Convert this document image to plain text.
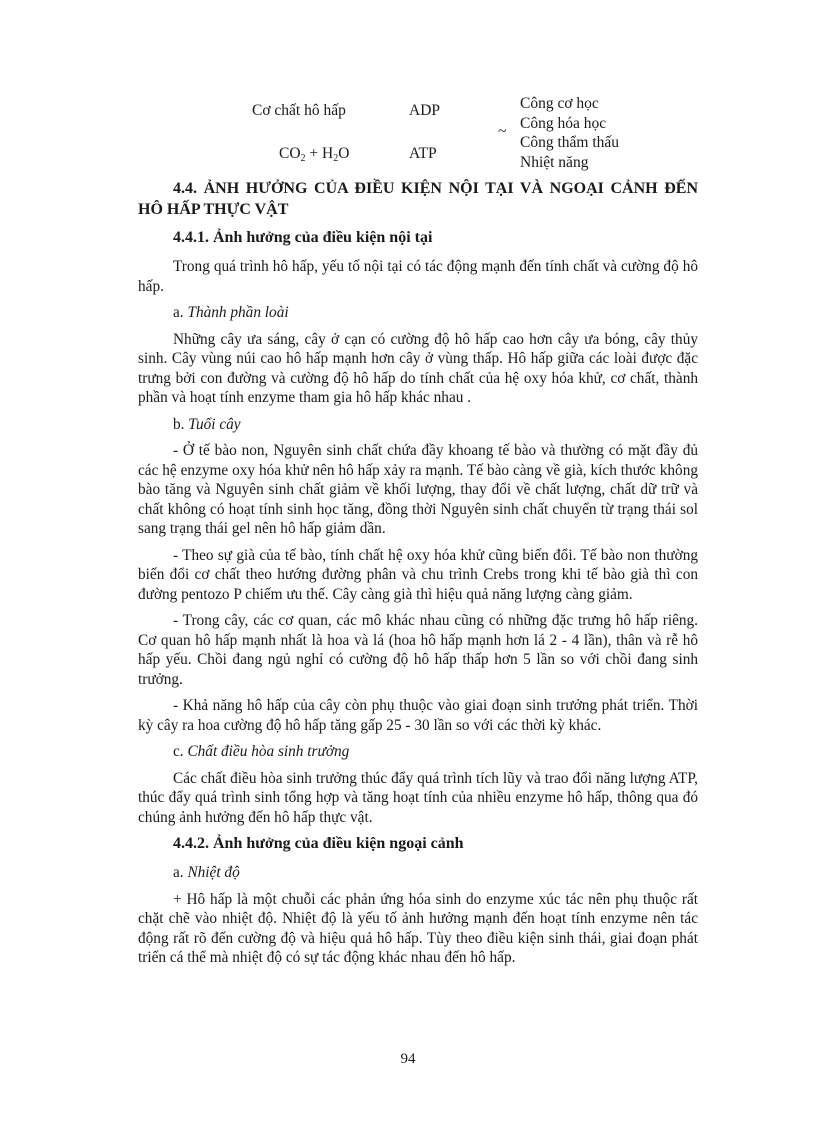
Cơ chất hô hấp
$CO_2 + H_2O$
ADP
ATP
~
Công cơ học
Công hóa học
Công thẩm thấu
Nhiệt năng
4.4. ẢNH HƯỞNG CỦA ĐIỀU KIỆN NỘI TẠI VÀ NGOẠI CẢNH ĐẾN HÔ HẤP THỰC VẬT
4.4.1. Ảnh hưởng của điều kiện nội tại

Trong quá trình hô hấp, yếu tố nội tại có tác động mạnh đến tính chất và cường độ hô hấp.

a. Thành phần loài

Những cây ưa sáng, cây ở cạn có cường độ hô hấp cao hơn cây ưa bóng, cây thủy sinh. Cây vùng núi cao hô hấp mạnh hơn cây ở vùng thấp. Hô hấp giữa các loài được đặc trưng bởi con đường và cường độ hô hấp do tính chất của hệ oxy hóa khử, cơ chất, thành phần và hoạt tính enzyme tham gia hô hấp khác nhau .

b. Tuổi cây

- Ở tế bào non, Nguyên sinh chất chứa đầy khoang tế bào và thường có mặt đầy đủ các hệ enzyme oxy hóa khử nên hô hấp xảy ra mạnh. Tế bào càng về già, kích thước không bào tăng và Nguyên sinh chất giảm về khối lượng, thay đổi về chất lượng, chất dữ trữ và chất không có hoạt tính sinh học tăng, đồng thời Nguyên sinh chất chuyển từ trạng thái sol sang trạng thái gel nên hô hấp giảm dần.

- Theo sự già của tế bào, tính chất hệ oxy hóa khử cũng biến đổi. Tế bào non thường biến đổi cơ chất theo hướng đường phân và chu trình Crebs trong khi tế bào già thì con đường pentozo P chiếm ưu thế. Cây càng già thì hiệu quả năng lượng càng giảm.

- Trong cây, các cơ quan, các mô khác nhau cũng có những đặc trưng hô hấp riêng. Cơ quan hô hấp mạnh nhất là hoa và lá (hoa hô hấp mạnh hơn lá 2 - 4 lần), thân và rễ hô hấp yếu. Chồi đang ngủ nghỉ có cường độ hô hấp thấp hơn 5 lần so với chồi đang sinh trưởng.

- Khả năng hô hấp của cây còn phụ thuộc vào giai đoạn sinh trưởng phát triển. Thời kỳ cây ra hoa cường độ hô hấp tăng gấp 25 - 30 lần so với các thời kỳ khác.

c. Chất điều hòa sinh trưởng

Các chất điều hòa sinh trưởng thúc đẩy quá trình tích lũy và trao đổi năng lượng ATP, thúc đẩy quá trình sinh tổng hợp và tăng hoạt tính của nhiều enzyme hô hấp, thông qua đó chúng ảnh hưởng đến hô hấp thực vật.

4.4.2. Ảnh hưởng của điều kiện ngoại cảnh

a. Nhiệt độ

+ Hô hấp là một chuỗi các phản ứng hóa sinh do enzyme xúc tác nên phụ thuộc rất chặt chẽ vào nhiệt độ. Nhiệt độ là yếu tố ảnh hưởng mạnh đến hoạt tính enzyme nên tác động rất rõ đến cường độ và hiệu quả hô hấp. Tùy theo điều kiện sinh thái, giai đoạn phát triển cá thể mà nhiệt độ có sự tác động khác nhau đến hô hấp.

94
